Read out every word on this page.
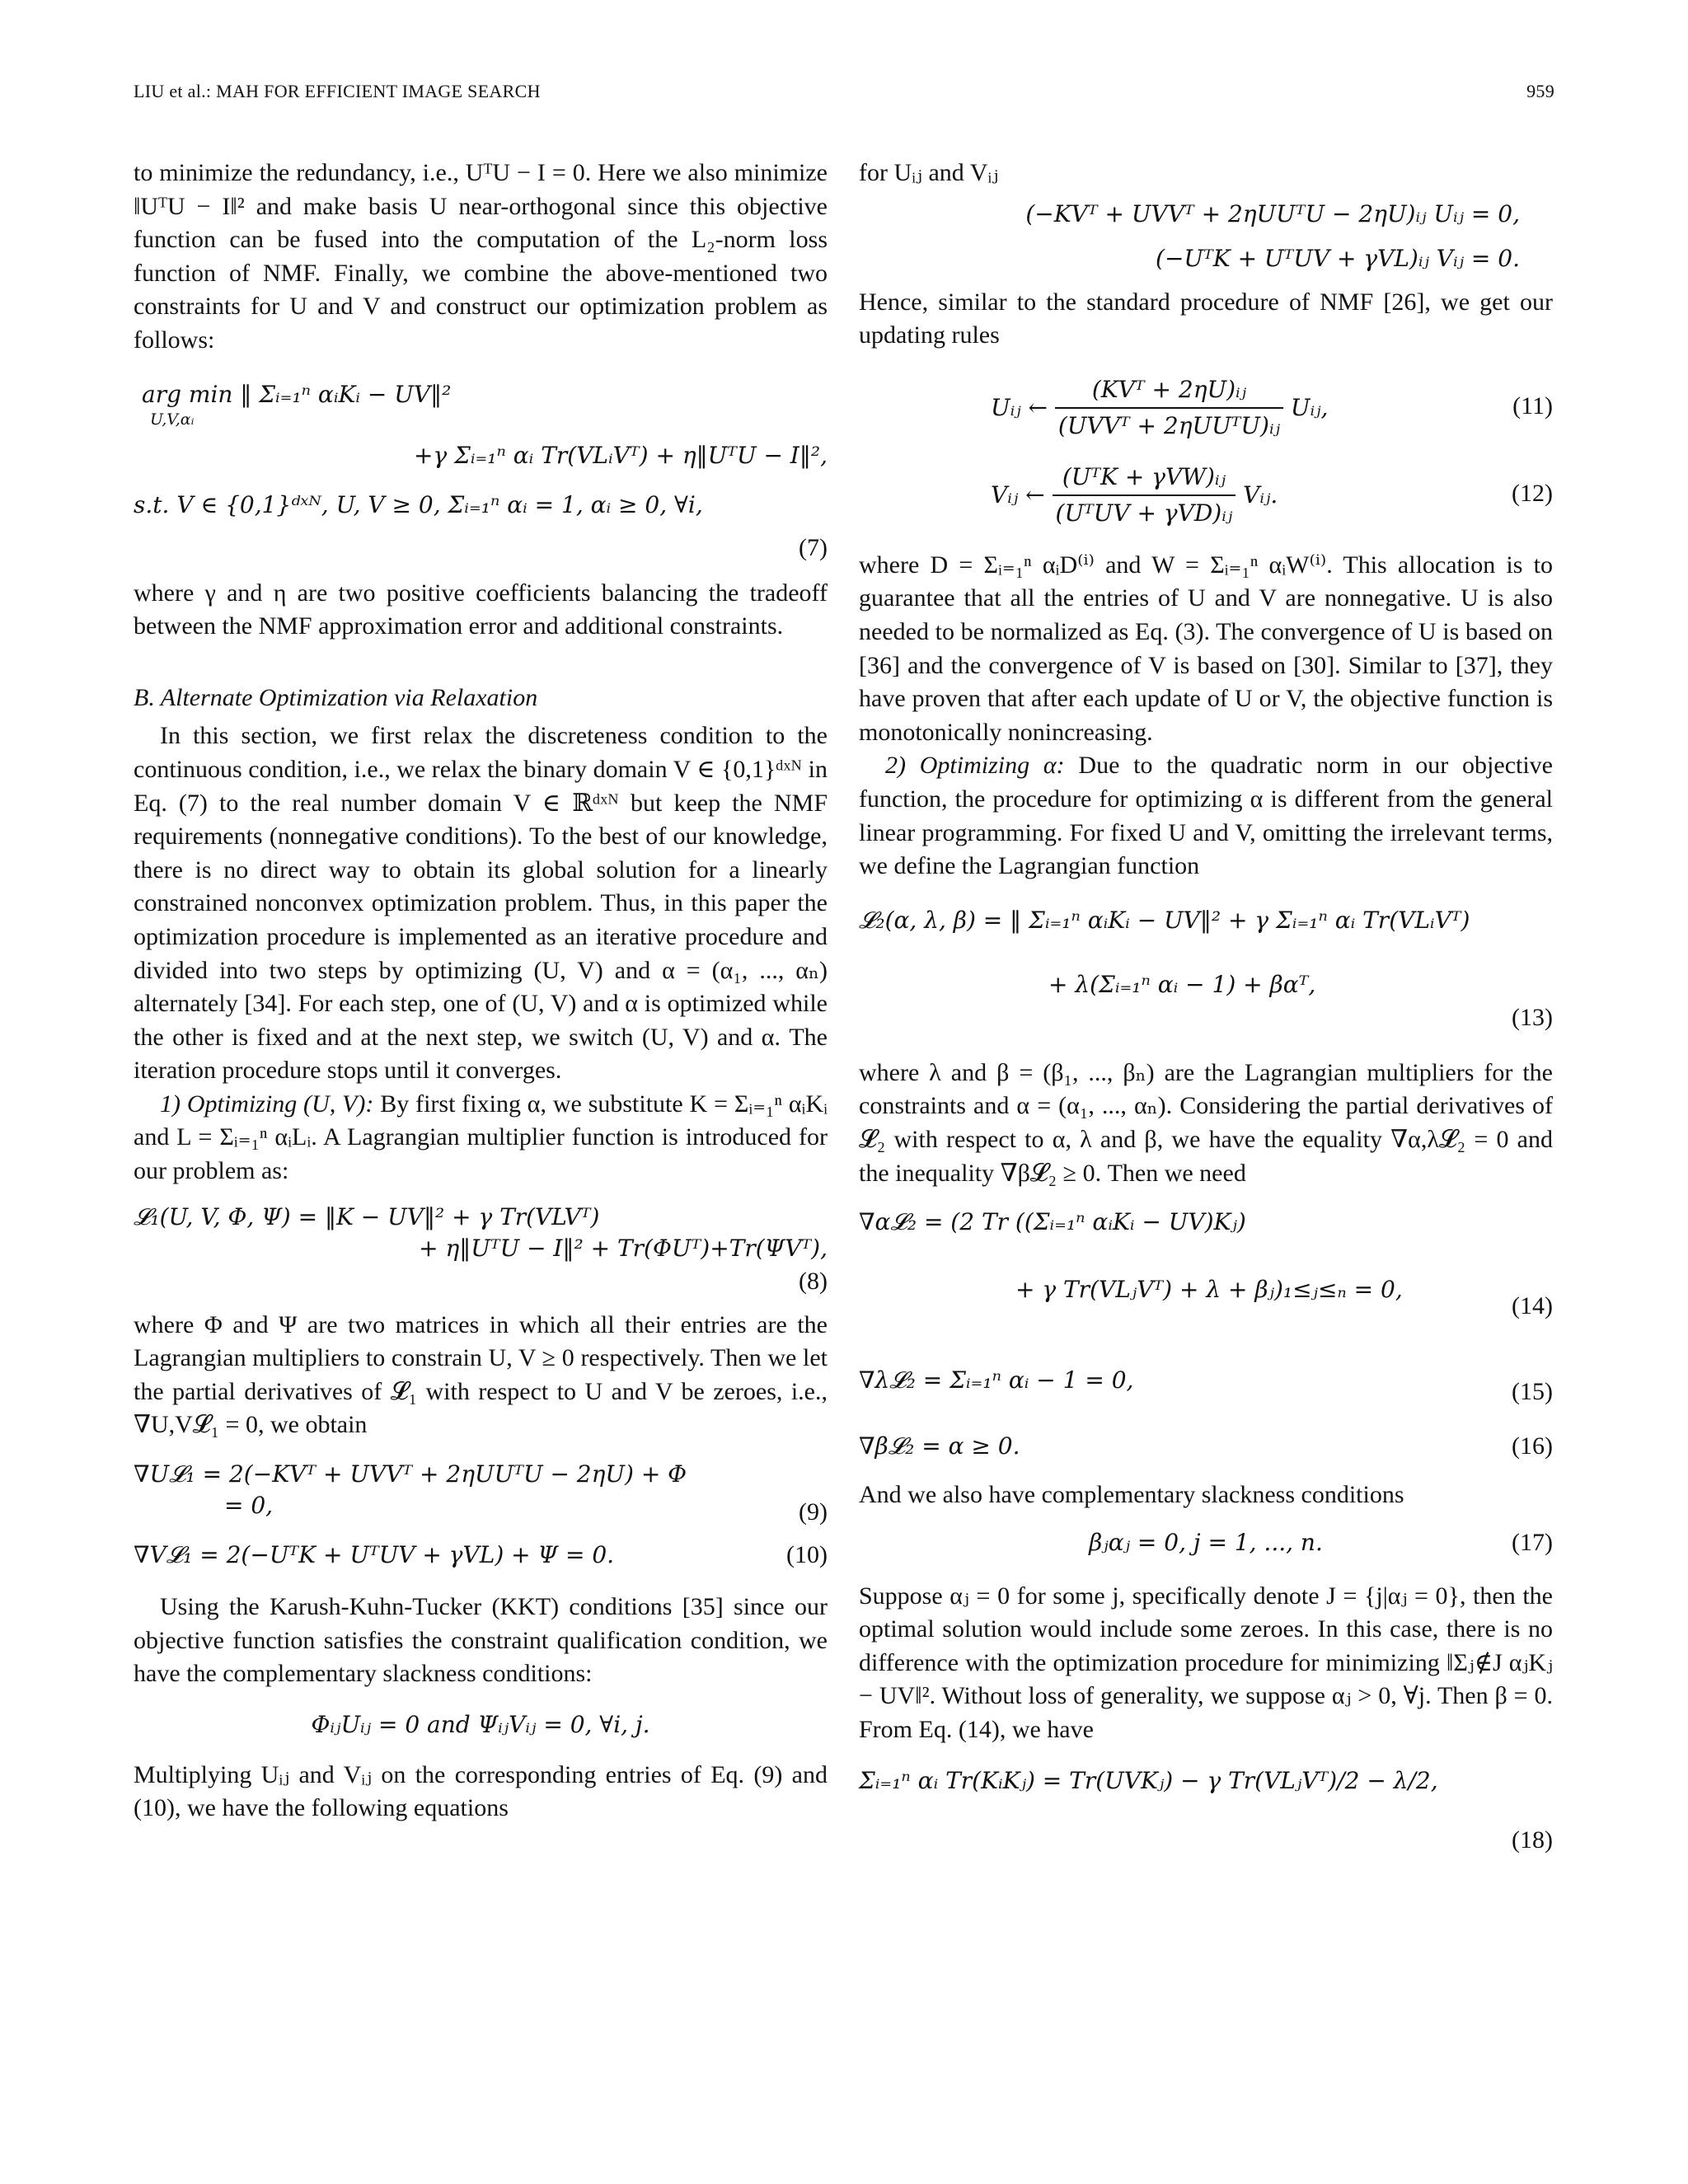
LIU et al.: MAH FOR EFFICIENT IMAGE SEARCH	959

to minimize the redundancy, i.e., UᵀU − I = 0. Here we also minimize ‖UᵀU − I‖² and make basis U near-orthogonal since this objective function can be fused into the computation of the L₂-norm loss function of NMF. Finally, we combine the above-mentioned two constraints for U and V and construct our optimization problem as follows:

arg min ‖ Σᵢ₌₁ⁿ αᵢKᵢ − UV‖²
U,V,αᵢ
+γ Σᵢ₌₁ⁿ αᵢ Tr(VLᵢVᵀ) + η‖UᵀU − I‖²,
s.t. V ∈ {0,1}ᵈˣᴺ, U, V ≥ 0, Σᵢ₌₁ⁿ αᵢ = 1, αᵢ ≥ 0, ∀i,
(7)

where γ and η are two positive coefficients balancing the tradeoff between the NMF approximation error and additional constraints.

B. Alternate Optimization via Relaxation

In this section, we first relax the discreteness condition to the continuous condition, i.e., we relax the binary domain V ∈ {0,1}ᵈˣᴺ in Eq. (7) to the real number domain V ∈ ℝᵈˣᴺ but keep the NMF requirements (nonnegative conditions). To the best of our knowledge, there is no direct way to obtain its global solution for a linearly constrained nonconvex optimization problem. Thus, in this paper the optimization procedure is implemented as an iterative procedure and divided into two steps by optimizing (U, V) and α = (α₁, ..., αₙ) alternately [34]. For each step, one of (U, V) and α is optimized while the other is fixed and at the next step, we switch (U, V) and α. The iteration procedure stops until it converges.

1) Optimizing (U, V): By first fixing α, we substitute K = Σᵢ₌₁ⁿ αᵢKᵢ and L = Σᵢ₌₁ⁿ αᵢLᵢ. A Lagrangian multiplier function is introduced for our problem as:

𝓛₁(U, V, Φ, Ψ) = ‖K − UV‖² + γ Tr(VLVᵀ)
+ η‖UᵀU − I‖² + Tr(ΦUᵀ)+Tr(ΨVᵀ),
(8)

where Φ and Ψ are two matrices in which all their entries are the Lagrangian multipliers to constrain U, V ≥ 0 respectively. Then we let the partial derivatives of 𝓛₁ with respect to U and V be zeroes, i.e., ∇U,V𝓛₁ = 0, we obtain

∇U𝓛₁ = 2(−KVᵀ + UVVᵀ + 2ηUUᵀU − 2ηU) + Φ
= 0,	(9)
∇V𝓛₁ = 2(−UᵀK + UᵀUV + γVL) + Ψ = 0.	(10)

Using the Karush-Kuhn-Tucker (KKT) conditions [35] since our objective function satisfies the constraint qualification condition, we have the complementary slackness conditions:

ΦᵢⱼUᵢⱼ = 0 and ΨᵢⱼVᵢⱼ = 0, ∀i, j.

Multiplying Uᵢⱼ and Vᵢⱼ on the corresponding entries of Eq. (9) and (10), we have the following equations

for Uᵢⱼ and Vᵢⱼ

(−KVᵀ + UVVᵀ + 2ηUUᵀU − 2ηU)ᵢⱼ Uᵢⱼ = 0,
(−UᵀK + UᵀUV + γVL)ᵢⱼ Vᵢⱼ = 0.

Hence, similar to the standard procedure of NMF [26], we get our updating rules

Uᵢⱼ ← $\frac{\text{(KVᵀ + 2ηU)ᵢⱼ}}{\text{(UVVᵀ + 2ηUUᵀU)ᵢⱼ}}$ Uᵢⱼ,	(11)
Vᵢⱼ ← $\frac{\text{(UᵀK + γVW)ᵢⱼ}}{\text{(UᵀUV + γVD)ᵢⱼ}}$ Vᵢⱼ.	(12)

where D = Σᵢ₌₁ⁿ αᵢD⁽ⁱ⁾ and W = Σᵢ₌₁ⁿ αᵢW⁽ⁱ⁾. This allocation is to guarantee that all the entries of U and V are nonnegative. U is also needed to be normalized as Eq. (3). The convergence of U is based on [36] and the convergence of V is based on [30]. Similar to [37], they have proven that after each update of U or V, the objective function is monotonically nonincreasing.

2) Optimizing α: Due to the quadratic norm in our objective function, the procedure for optimizing α is different from the general linear programming. For fixed U and V, omitting the irrelevant terms, we define the Lagrangian function

𝓛₂(α, λ, β) = ‖ Σᵢ₌₁ⁿ αᵢKᵢ − UV‖² + γ Σᵢ₌₁ⁿ αᵢ Tr(VLᵢVᵀ)
+ λ(Σᵢ₌₁ⁿ αᵢ − 1) + βαᵀ,
(13)

where λ and β = (β₁, ..., βₙ) are the Lagrangian multipliers for the constraints and α = (α₁, ..., αₙ). Considering the partial derivatives of 𝓛₂ with respect to α, λ and β, we have the equality ∇α,λ𝓛₂ = 0 and the inequality ∇β𝓛₂ ≥ 0. Then we need

∇α𝓛₂ = (2 Tr ((Σᵢ₌₁ⁿ αᵢKᵢ − UV)Kⱼ)
+ γ Tr(VLⱼVᵀ) + λ + βⱼ)₁≤ⱼ≤ₙ = 0,
(14)
∇λ𝓛₂ = Σᵢ₌₁ⁿ αᵢ − 1 = 0,	(15)
∇β𝓛₂ = α ≥ 0.	(16)

And we also have complementary slackness conditions

βⱼαⱼ = 0, j = 1, ..., n.	(17)

Suppose αⱼ = 0 for some j, specifically denote J = {j|αⱼ = 0}, then the optimal solution would include some zeroes. In this case, there is no difference with the optimization procedure for minimizing ‖Σⱼ∉J αⱼKⱼ − UV‖². Without loss of generality, we suppose αⱼ > 0, ∀j. Then β = 0. From Eq. (14), we have

Σᵢ₌₁ⁿ αᵢ Tr(KᵢKⱼ) = Tr(UVKⱼ) − γ Tr(VLⱼVᵀ)/2 − λ/2,
(18)
